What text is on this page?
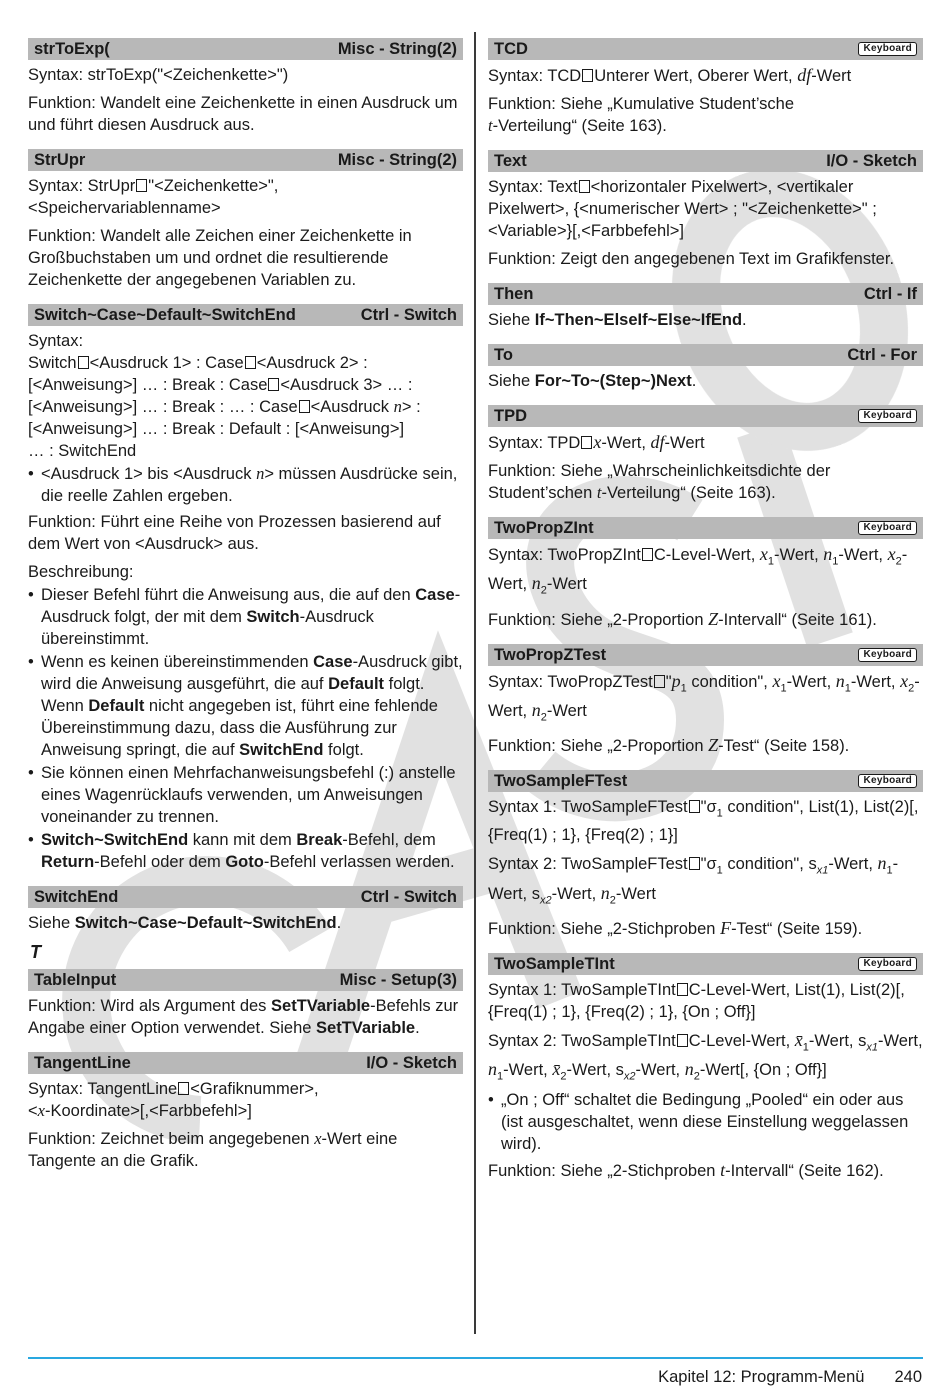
strToExp(	Misc - String(2)
Syntax: strToExp("<Zeichenkette>")
Funktion: Wandelt eine Zeichenkette in einen Ausdruck um und führt diesen Ausdruck aus.
StrUpr	Misc - String(2)
Syntax: StrUpr "<Zeichenkette>", <Speichervariablenname>
Funktion: Wandelt alle Zeichen einer Zeichenkette in Großbuchstaben um und ordnet die resultierende Zeichenkette der angegebenen Variablen zu.
Switch~Case~Default~SwitchEnd	Ctrl - Switch
Syntax:
Switch <Ausdruck 1> : Case <Ausdruck 2> :
[<Anweisung>] … : Break : Case <Ausdruck 3> … :
[<Anweisung>] … : Break : … : Case <Ausdruck n> :
[<Anweisung>] … : Break : Default : [<Anweisung>]
… : SwitchEnd
• <Ausdruck 1> bis <Ausdruck n> müssen Ausdrücke sein, die reelle Zahlen ergeben.
Funktion: Führt eine Reihe von Prozessen basierend auf dem Wert von <Ausdruck> aus.
Beschreibung:
• Dieser Befehl führt die Anweisung aus, die auf den Case-Ausdruck folgt, der mit dem Switch-Ausdruck übereinstimmt.
• Wenn es keinen übereinstimmenden Case-Ausdruck gibt, wird die Anweisung ausgeführt, die auf Default folgt. Wenn Default nicht angegeben ist, führt eine fehlende Übereinstimmung dazu, dass die Ausführung zur Anweisung springt, die auf SwitchEnd folgt.
• Sie können einen Mehrfachanweisungsbefehl (:) anstelle eines Wagenrücklaufs verwenden, um Anweisungen voneinander zu trennen.
• Switch~SwitchEnd kann mit dem Break-Befehl, dem Return-Befehl oder dem Goto-Befehl verlassen werden.
SwitchEnd	Ctrl - Switch
Siehe Switch~Case~Default~SwitchEnd.
T
TableInput	Misc - Setup(3)
Funktion: Wird als Argument des SetTVariable-Befehls zur Angabe einer Option verwendet. Siehe SetTVariable.
TangentLine	I/O - Sketch
Syntax: TangentLine <Grafiknummer>,
<x-Koordinate>[,<Farbbefehl>]
Funktion: Zeichnet beim angegebenen x-Wert eine Tangente an die Grafik.
TCD	Keyboard
Syntax: TCD Unterer Wert, Oberer Wert, df-Wert
Funktion: Siehe „Kumulative Student’sche
t-Verteilung“ (Seite 163).
Text	I/O - Sketch
Syntax: Text <horizontaler Pixelwert>, <vertikaler Pixelwert>, {<numerischer Wert> ; "<Zeichenkette>" ; <Variable>}[,<Farbbefehl>]
Funktion: Zeigt den angegebenen Text im Grafikfenster.
Then	Ctrl - If
Siehe If~Then~ElseIf~Else~IfEnd.
To	Ctrl - For
Siehe For~To~(Step~)Next.
TPD	Keyboard
Syntax: TPD x-Wert, df-Wert
Funktion: Siehe „Wahrscheinlichkeitsdichte der Student’schen t-Verteilung“ (Seite 163).
TwoPropZInt	Keyboard
Syntax: TwoPropZInt C-Level-Wert, $x_1$-Wert, $n_1$-Wert, $x_2$-Wert, $n_2$-Wert
Funktion: Siehe „2-Proportion Z-Intervall“ (Seite 161).
TwoPropZTest	Keyboard
Syntax: TwoPropZTest "$p_1$ condition", $x_1$-Wert, $n_1$-Wert, $x_2$-Wert, $n_2$-Wert
Funktion: Siehe „2-Proportion Z-Test“ (Seite 158).
TwoSampleFTest	Keyboard
Syntax 1: TwoSampleFTest "$\sigma_1$ condition", List(1), List(2)[, {Freq(1) ; 1}, {Freq(2) ; 1}]
Syntax 2: TwoSampleFTest "$\sigma_1$ condition", $s_{x1}$-Wert, $n_1$-Wert, $s_{x2}$-Wert, $n_2$-Wert
Funktion: Siehe „2-Stichproben F-Test“ (Seite 159).
TwoSampleTInt	Keyboard
Syntax 1: TwoSampleTInt C-Level-Wert, List(1), List(2)[, {Freq(1) ; 1}, {Freq(2) ; 1}, {On ; Off}]
Syntax 2: TwoSampleTInt C-Level-Wert, $x̄_1$-Wert, $s_{x1}$-Wert, $n_1$-Wert, $x̄_2$-Wert, $s_{x2}$-Wert, $n_2-Wert$[, {On ; Off}]
• „On ; Off“ schaltet die Bedingung „Pooled“ ein oder aus (ist ausgeschaltet, wenn diese Einstellung weggelassen wird).
Funktion: Siehe „2-Stichproben t-Intervall“ (Seite 162).
Kapitel 12: Programm-Menü 240
